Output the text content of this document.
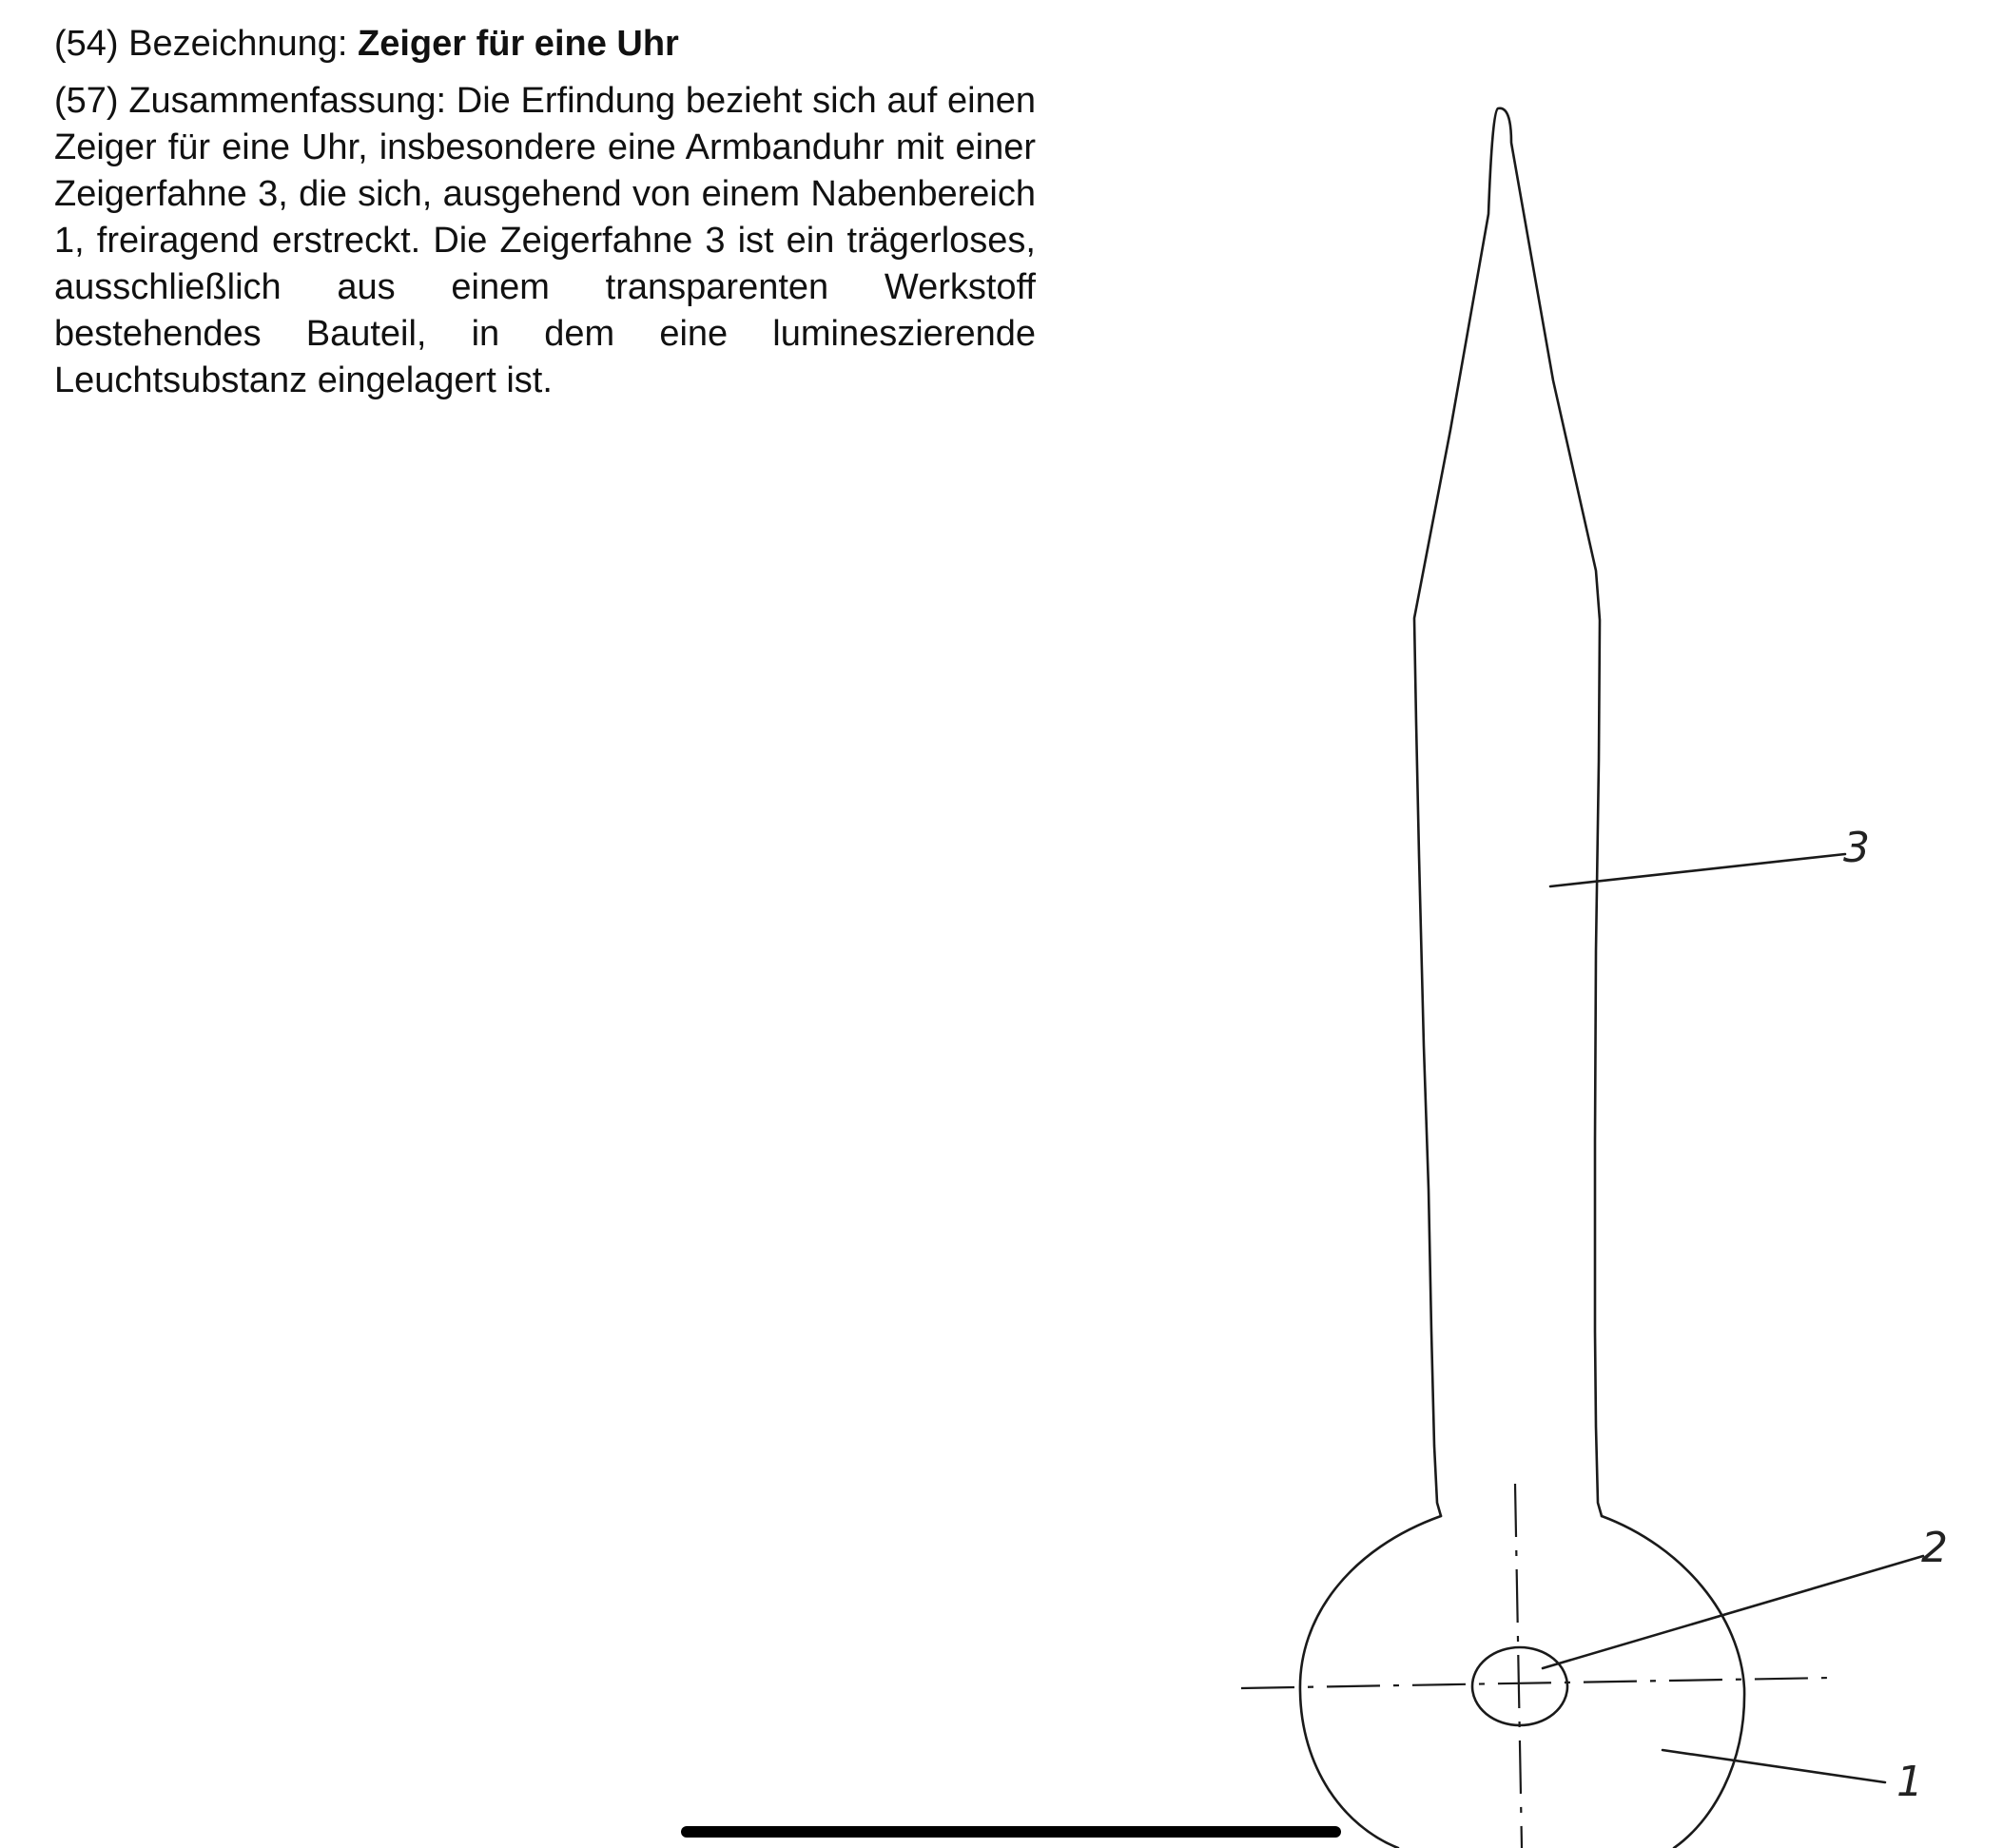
(54) Bezeichnung: Zeiger für eine Uhr

(57) Zusammenfassung: Die Erfindung bezieht sich auf einen Zeiger für eine Uhr, insbesondere eine Armbanduhr mit einer Zeigerfahne 3, die sich, ausgehend von einem Nabenbereich 1, freiragend erstreckt. Die Zeigerfahne 3 ist ein trägerloses, ausschließlich aus einem transparenten Werkstoff bestehendes Bauteil, in dem eine lumineszierende Leuchtsubstanz eingelagert ist.

3
2
1
